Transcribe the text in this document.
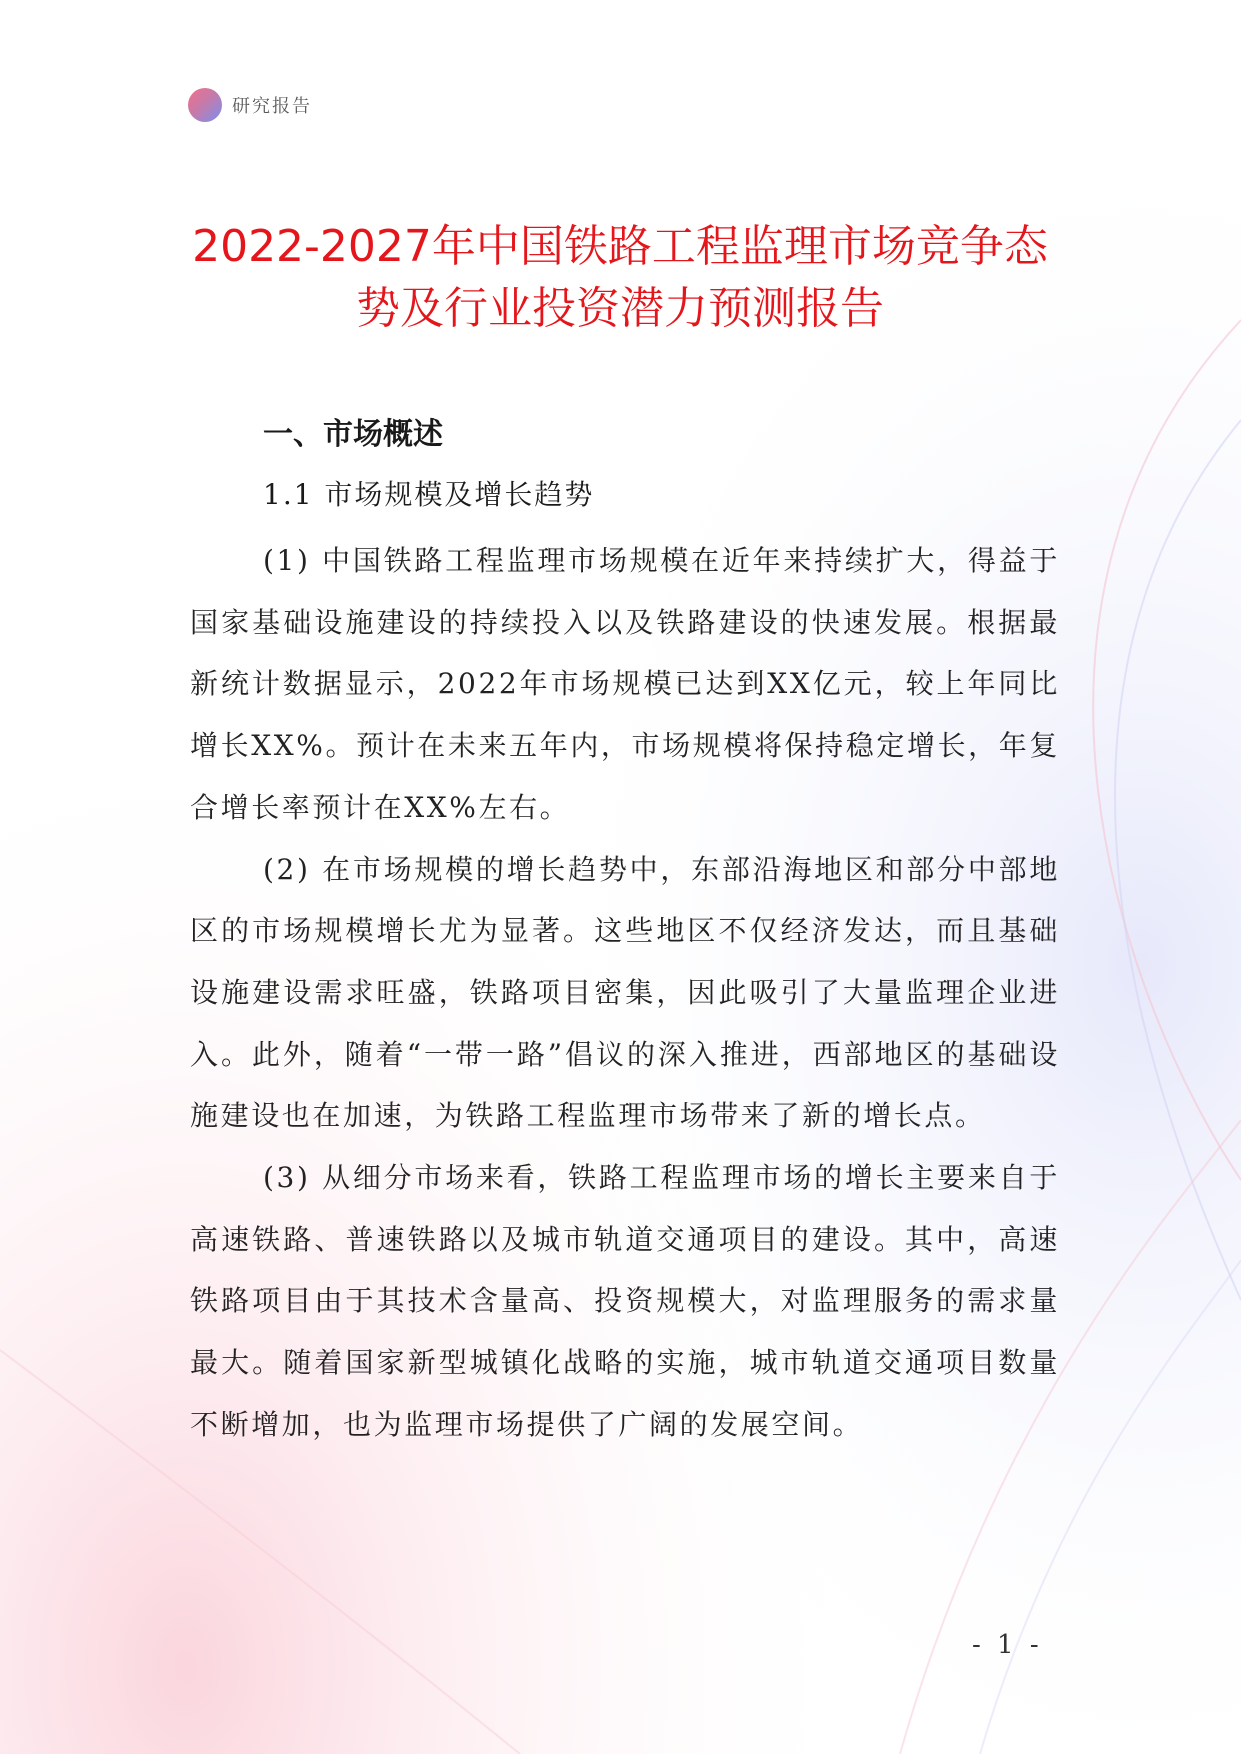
研究报告
2022-2027年中国铁路工程监理市场竞争态
势及行业投资潜力预测报告
一、市场概述
1.1 市场规模及增长趋势

(1) 中国铁路工程监理市场规模在近年来持续扩大，得益于国家基础设施建设的持续投入以及铁路建设的快速发展。根据最新统计数据显示，2022年市场规模已达到XX亿元，较上年同比增长XX%。预计在未来五年内，市场规模将保持稳定增长，年复合增长率预计在XX%左右。

(2) 在市场规模的增长趋势中，东部沿海地区和部分中部地区的市场规模增长尤为显著。这些地区不仅经济发达，而且基础设施建设需求旺盛，铁路项目密集，因此吸引了大量监理企业进入。此外，随着“一带一路”倡议的深入推进，西部地区的基础设施建设也在加速，为铁路工程监理市场带来了新的增长点。

(3) 从细分市场来看，铁路工程监理市场的增长主要来自于高速铁路、普速铁路以及城市轨道交通项目的建设。其中，高速铁路项目由于其技术含量高、投资规模大，对监理服务的需求量最大。随着国家新型城镇化战略的实施，城市轨道交通项目数量不断增加，也为监理市场提供了广阔的发展空间。

- 1 -
